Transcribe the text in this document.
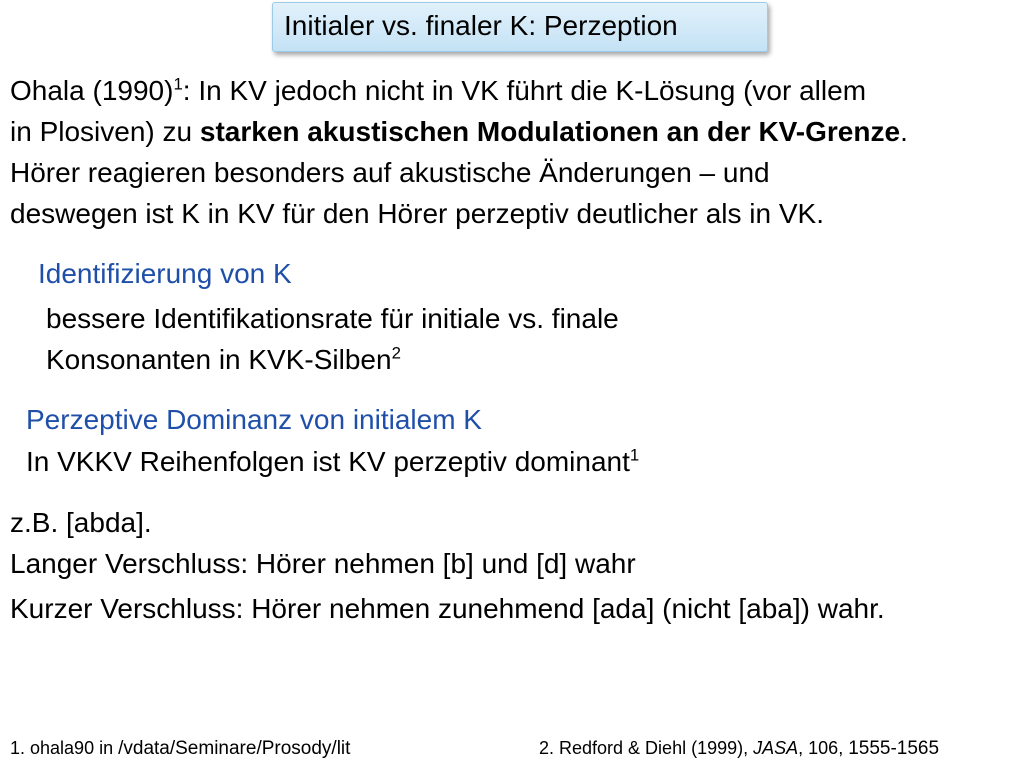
Initialer vs. finaler K: Perzeption
Ohala $(1990)^1$: In KV jedoch nicht in VK führt die K-Lösung (vor allem
in Plosiven) zu starken akustischen Modulationen an der KV-Grenze.
Hörer reagieren besonders auf akustische Änderungen – und
deswegen ist K in KV für den Hörer perzeptiv deutlicher als in VK.
Identifizierung von K
bessere Identifikationsrate für initiale vs. finale
Konsonanten in KVK-Silben$^2$
Perzeptive Dominanz von initialem K
In VKKV Reihenfolgen ist KV perzeptiv dominant$^1$
z.B. [abda].
Langer Verschluss: Hörer nehmen [b] und [d] wahr
Kurzer Verschluss: Hörer nehmen zunehmend [ada] (nicht [aba]) wahr.
1. ohala90 in /vdata/Seminare/Prosody/lit	2. Redford & Diehl (1999), JASA, 106, 1555-1565
